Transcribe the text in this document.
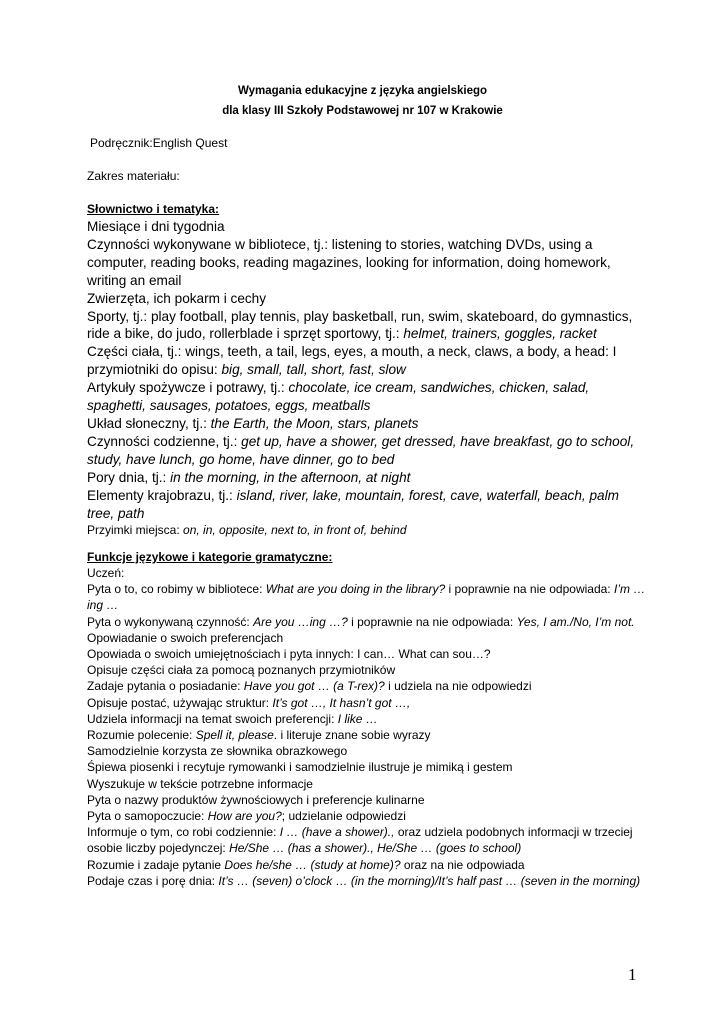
Wymagania edukacyjne z języka angielskiego
dla klasy III Szkoły Podstawowej nr 107 w Krakowie
Podręcznik:English Quest
Zakres materiału:
Słownictwo i tematyka:

Miesiące i dni tygodnia

Czynności wykonywane w bibliotece, tj.: listening to stories, watching DVDs, using a computer, reading books, reading magazines, looking for information, doing homework, writing an email

Zwierzęta, ich pokarm i cechy

Sporty, tj.: play football, play tennis, play basketball, run, swim, skateboard, do gymnastics, ride a bike, do judo, rollerblade i sprzęt sportowy, tj.: helmet, trainers, goggles, racket

Części ciała, tj.: wings, teeth, a tail, legs, eyes, a mouth, a neck, claws, a body, a head: I przymiotniki do opisu: big, small, tall, short, fast, slow

Artykuły spożywcze i potrawy, tj.: chocolate, ice cream, sandwiches, chicken, salad, spaghetti, sausages, potatoes, eggs, meatballs

Układ słoneczny, tj.: the Earth, the Moon, stars, planets

Czynności codzienne, tj.: get up, have a shower, get dressed, have breakfast, go to school, study, have lunch, go home, have dinner, go to bed

Pory dnia, tj.: in the morning, in the afternoon, at night

Elementy krajobrazu, tj.: island, river, lake, mountain, forest, cave, waterfall, beach, palm tree, path

Przyimki miejsca: on, in, opposite, next to, in front of, behind

Funkcje językowe i kategorie gramatyczne:

Uczeń:

Pyta o to, co robimy w bibliotece: What are you doing in the library? i poprawnie na nie odpowiada: I’m …ing …

Pyta o wykonywaną czynność: Are you …ing …? i poprawnie na nie odpowiada: Yes, I am./No, I’m not.

Opowiadanie o swoich preferencjach

Opowiada o swoich umiejętnościach i pyta innych: I can… What can sou…?

Opisuje części ciała za pomocą poznanych przymiotników

Zadaje pytania o posiadanie: Have you got … (a T-rex)? i udziela na nie odpowiedzi

Opisuje postać, używając struktur: It’s got …, It hasn’t got …,

Udziela informacji na temat swoich preferencji: I like …

Rozumie polecenie: Spell it, please. i literuje znane sobie wyrazy

Samodzielnie korzysta ze słownika obrazkowego

Śpiewa piosenki i recytuje rymowanki i samodzielnie ilustruje je mimiką i gestem

Wyszukuje w tekście potrzebne informacje

Pyta o nazwy produktów żywnościowych i preferencje kulinarne

Pyta o samopoczucie: How are you?; udzielanie odpowiedzi

Informuje o tym, co robi codziennie: I … (have a shower)., oraz udziela podobnych informacji w trzeciej osobie liczby pojedynczej: He/She … (has a shower)., He/She … (goes to school)

Rozumie i zadaje pytanie Does he/she … (study at home)? oraz na nie odpowiada

Podaje czas i porę dnia: It’s … (seven) o’clock … (in the morning)/It’s half past … (seven in the morning)

1
